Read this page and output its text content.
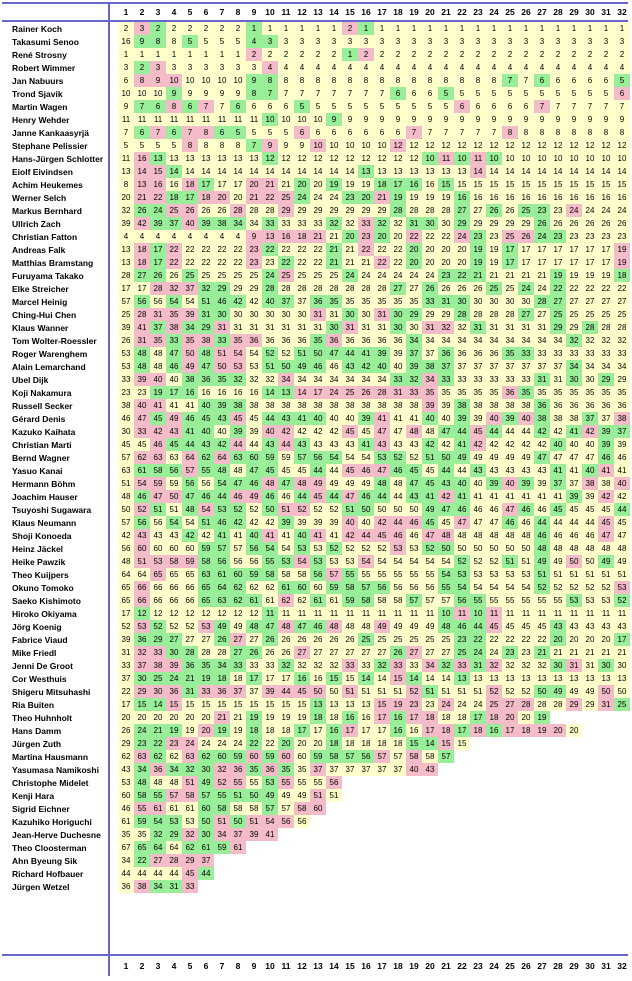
	1	2	3	4	5	6	7	8	9	10	11	12	13	14	15	16	17	18	19	20	21	22	23	24	25	26	27	28	29	30	31	32
Rainer Koch	2	3	2	2	2	2	2	2	1	1	1	1	1	1	2	1	1	1	1	1	1	1	1	1	1	1	1	1	1	1	1	1
Takasumi Senoo	16	9	8	8	5	5	5	5	4	3	3	3	3	3	3	3	3	3	3	3	3	3	3	3	3	3	3	3	3	3	3	3
René Strosny	1	1	1	1	1	1	1	1	2	2	2	2	2	2	1	2	2	2	2	2	2	2	2	2	2	2	2	2	2	2	2	2
Robert Wimmer	3	2	3	3	3	3	3	3	3	4	4	4	4	4	4	4	4	4	4	4	4	4	4	4	4	4	4	4	4	4	4	4
Jan Nabuurs	6	8	9	10	10	10	10	10	9	8	8	8	8	8	8	8	8	8	8	8	8	8	8	8	7	7	6	6	6	6	6	5
Trond Sjavik	10	10	10	9	9	9	9	9	8	7	7	7	7	7	7	7	7	6	6	6	5	5	5	5	5	5	5	5	5	5	5	6
Martin Wagen	9	7	6	8	6	7	7	6	6	6	6	5	5	5	5	5	5	5	5	5	5	6	6	6	6	6	7	7	7	7	7	7
Henry Wehder	11	11	11	11	11	11	11	11	11	10	10	10	10	9	9	9	9	9	9	9	9	9	9	9	9	9	9	9	9	9	9	9
Janne Kankaasyrjä	7	6	7	6	7	8	6	5	5	5	5	6	6	6	6	6	6	6	7	7	7	7	7	7	8	8	8	8	8	8	8	8
Stephane Pelissier	5	5	5	5	8	8	8	8	7	9	9	9	10	10	10	10	10	12	12	12	12	12	12	12	12	12	12	12	12	12	12	12
Hans-Jürgen Schlotter	11	16	13	13	13	13	13	13	13	12	12	12	12	12	12	12	12	12	12	10	11	10	11	10	10	10	10	10	10	10	10	10
Eiolf Eivindsen	13	14	15	14	14	14	14	14	14	14	14	14	14	14	14	13	13	13	13	13	13	13	14	14	14	14	14	14	14	14	14	14
Achim Heukemes	8	13	16	16	18	17	17	17	20	21	21	20	20	19	19	19	18	17	16	16	15	15	15	15	15	15	15	15	15	15	15	15
Werner Selch	20	21	22	18	17	18	20	20	21	22	25	24	24	24	23	20	21	19	19	19	19	16	16	16	16	16	16	16	16	16	16	16
Markus Bernhard	32	26	24	25	26	26	26	28	28	28	29	29	29	29	29	29	29	28	28	28	28	27	27	26	26	25	23	23	24	24	24	24
Ullrich Zach	39	42	39	37	40	39	38	34	34	33	33	33	33	32	32	33	32	32	31	30	30	29	29	29	29	29	26	26	26	26	26	26
Christian Fatton	4	4	4	4	4	4	4	4	9	13	16	18	21	21	20	23	20	20	22	22	22	24	23	23	25	26	24	23	23	23	23	23
Andreas Falk	13	18	17	22	22	22	22	22	23	22	22	22	22	21	21	22	22	22	20	20	20	20	19	19	17	17	17	17	17	17	17	19
Matthias Bramstang	13	18	17	22	22	22	22	22	23	23	22	22	22	21	21	21	22	22	20	20	20	20	19	19	17	17	17	17	17	17	17	19
Furuyama Takako	28	27	26	26	25	25	25	25	25	24	25	25	25	25	24	24	24	24	24	24	23	22	21	21	21	21	21	19	19	19	19	18
Elke Streicher	17	17	28	32	37	32	29	29	29	28	28	28	28	28	28	28	28	27	27	26	26	26	26	25	25	24	24	22	22	22	22	22
Marcel Heinig	57	56	56	54	54	51	46	42	42	40	37	37	36	35	35	35	35	35	35	33	31	30	30	30	30	30	28	27	27	27	27	27
Ching-Hui Chen	25	28	31	35	39	31	30	30	30	30	30	30	31	31	30	30	31	30	29	29	29	28	28	28	28	27	27	25	25	25	25	25
Klaus Wanner	39	41	37	38	34	29	31	31	31	31	31	31	31	30	31	31	31	30	30	31	32	32	31	31	31	31	31	29	29	28	28	28
Tom Wolter-Roessler	26	31	35	33	35	38	33	35	36	36	36	36	35	36	36	36	36	36	34	34	34	34	34	34	34	34	34	34	32	32	32	32
Roger Warenghem	53	48	48	47	50	48	51	54	54	52	52	51	50	47	44	41	39	39	37	37	36	36	36	36	35	33	33	33	33	33	33	33
Alain Lemarchand	53	48	48	46	49	47	50	53	53	51	50	49	46	46	43	42	40	40	39	38	37	37	37	37	37	37	37	37	34	34	34	34
Ubel Dijk	33	39	40	40	38	36	35	32	32	32	34	34	34	34	34	34	34	33	32	34	33	33	33	33	33	33	31	31	30	30	29	29
Koji Nakamura	23	23	19	17	16	16	16	16	16	14	13	14	17	24	25	26	28	31	33	35	35	35	35	35	36	35	35	35	35	35	35	35
Russell Secker	38	40	41	41	41	40	39	38	38	38	38	38	38	38	38	38	38	38	38	39	39	38	38	38	38	38	36	36	36	36	36	36
Gérard Denis	46	47	45	49	46	45	43	45	45	44	43	41	40	40	40	39	41	41	41	40	40	39	39	40	39	40	38	38	38	37	37	38
Kazuko Kaihata	30	33	42	43	41	40	40	39	39	40	42	42	42	42	45	45	47	47	48	48	47	44	45	44	44	44	42	42	41	42	39	37
Christian Marti	45	45	46	45	44	43	42	44	44	43	44	43	43	43	43	41	43	43	43	42	42	41	42	42	42	42	42	40	40	40	39	39
Bernd Wagner	57	62	63	63	64	62	64	63	60	59	59	57	56	54	54	54	53	52	52	51	50	49	49	49	49	49	47	47	47	47	46	46
Yasuo Kanai	63	61	58	56	57	55	48	48	47	45	45	45	44	44	45	46	47	46	45	45	44	44	43	43	43	43	43	41	41	40	41	41
Hermann Böhm	51	54	59	59	56	56	54	47	46	48	47	48	49	49	49	49	48	48	47	45	43	40	40	39	40	39	39	37	37	38	38	40
Joachim Hauser	48	46	47	50	47	46	44	46	49	46	46	44	45	44	47	46	44	44	43	41	42	41	41	41	41	41	41	41	39	39	42	42
Tsuyoshi Sugawara	50	52	51	51	48	54	53	52	52	50	51	52	52	52	51	50	50	50	50	49	47	46	46	46	47	46	46	45	45	45	45	44
Klaus Neumann	57	56	56	54	54	51	46	42	42	42	39	39	39	39	40	40	42	44	46	45	45	47	47	47	46	46	44	44	44	44	45	45
Shoji Konoeda	42	43	43	43	42	42	41	41	40	41	41	40	41	41	42	44	45	46	46	47	48	48	48	48	48	48	46	46	46	46	47	47
Heinz Jäckel	56	60	60	60	60	59	57	57	56	54	54	53	53	52	52	52	52	53	53	52	50	50	50	50	50	50	48	48	48	48	48	48
Heike Pawzik	48	51	53	58	59	58	56	56	56	55	53	54	53	53	53	54	54	54	54	54	54	52	52	52	51	51	49	49	50	50	49	49
Theo Kuijpers	64	64	65	65	65	63	61	60	59	58	58	58	56	57	55	55	55	55	55	55	54	53	53	53	53	53	51	51	51	51	51	51
Okuno Tomoko	65	66	66	66	66	65	64	62	62	62	61	60	60	59	58	57	56	56	56	56	55	54	54	54	54	54	52	52	52	52	52	53
Saeko Kishimoto	65	66	66	66	66	65	63	62	61	61	62	62	61	61	59	58	58	58	57	57	57	56	55	55	55	55	55	55	53	53	53	52
Hiroko Okiyama	17	12	12	12	12	12	12	12	12	11	11	11	11	11	11	11	11	11	11	11	10	11	10	11	11	11	11	11	11	11	11	11
Jörg Koenig	52	53	52	52	52	53	49	49	48	47	48	47	46	48	48	48	49	49	49	49	48	46	44	45	45	45	45	43	43	43	43	43
Fabrice Viaud	39	36	29	27	27	27	26	27	27	26	26	26	26	26	26	25	25	25	25	25	25	23	22	22	22	22	22	20	20	20	20	17
Mike Friedl	31	32	33	30	28	28	28	27	26	26	26	27	27	27	27	27	27	26	27	27	27	25	24	24	23	23	21	21	21	21	21	21
Jenni De Groot	33	37	38	39	36	35	34	33	33	33	32	32	32	32	33	33	32	33	33	34	32	33	31	32	32	32	32	30	31	31	30	30
Cor Westhuis	37	30	25	24	21	19	18	18	17	17	17	16	16	15	15	14	14	15	14	14	14	13	13	13	13	13	13	13	13	13	13	13
Shigeru Mitsuhashi	22	29	30	36	31	33	36	37	37	39	44	45	50	50	51	51	51	51	52	51	51	51	51	52	52	52	50	49	49	49	50	50
Ria Buiten	17	15	14	15	15	15	15	15	15	15	15	15	13	13	13	13	15	19	23	23	24	24	24	25	27	28	28	28	29	29	31	25
Theo Huhnholt	20	20	20	20	20	20	21	21	19	19	19	19	18	18	16	16	17	16	17	18	18	18	17	18	20	20	19					
Hans Damm	26	24	21	19	19	20	19	19	18	18	18	17	17	16	17	17	17	16	16	17	18	17	18	16	17	18	19	20	20			
Jürgen Zuth	29	23	22	23	24	24	24	24	22	22	20	20	20	18	18	18	18	18	15	14	15	15										
Martina Hausmann	62	63	62	62	63	62	60	59	60	59	60	60	59	58	57	56	57	57	58	58	57											
Yasumasa Namikoshi	43	34	36	34	32	30	32	36	35	36	35	35	37	37	37	37	37	37	40	43												
Christophe Midelet	53	48	48	48	51	49	52	55	55	53	55	55	55	56																		
Kenji Hara	60	58	55	57	58	57	55	51	50	49	49	49	51	51																		
Sigrid Eichner	46	55	61	61	61	60	58	58	58	57	57	58	60																			
Kazuhiko Horiguchi	61	59	54	53	53	50	51	50	51	54	56	56																				
Jean-Herve Duchesne	35	35	32	29	32	30	34	37	39	41																						
Theo Cloosterman	67	65	64	64	62	61	59	61																								
Ahn Byeung Sik	34	22	27	28	29	37																										
Richard Hofbauer	44	44	44	44	45	44																										
Jürgen Wetzel	36	38	34	31	33																											
	1	2	3	4	5	6	7	8	9	10	11	12	13	14	15	16	17	18	19	20	21	22	23	24	25	26	27	28	29	30	31	32
